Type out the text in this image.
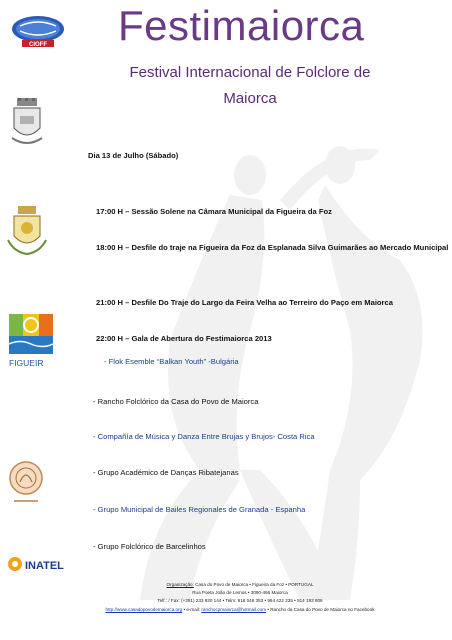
CIOFF Festimaiorca
Festival Internacional de Folclore de
Maiorca
FIGUEIR
INATEL
Dia 13 de Julho (Sábado)
17:00 H – Sessão Solene na Câmara Municipal da Figueira da Foz
18:00 H – Desfile do traje na Figueira da Foz da Esplanada Silva Guimarães ao Mercado Municipal
21:00 H – Desfile Do Traje do Largo da Feira Velha ao Terreiro do Paço em Maiorca
22:00 H – Gala de Abertura do Festimaiorca 2013
- Flok Esemble “Balkan Youth” -Bulgária
- Rancho Folclórico da Casa do Povo de Maiorca
- Compañía de Música y Danza Entre Brujas y Brujos- Costa Rica
- Grupo Académico de Danças Ribatejanas
- Grupo Municipal de Bailes Regionales de Granada - Espanha
- Grupo Folclórico de Barcelinhos
Organização: Casa do Povo de Maiorca • Figueira da Foz • PORTUGAL
Rua Poeta João de Lemos • 3090-466 Maiorca
Telf.: / Fax: (+351) 233 930 144 • Telm: 918 046 353 • 964 422 235 • 914 193 806
http://www.casadopovodemaiorca.org • e-mail: ranchocpmaiorca@hotmail.com • Rancho da Casa do Povo de Maiorca no Facebook
